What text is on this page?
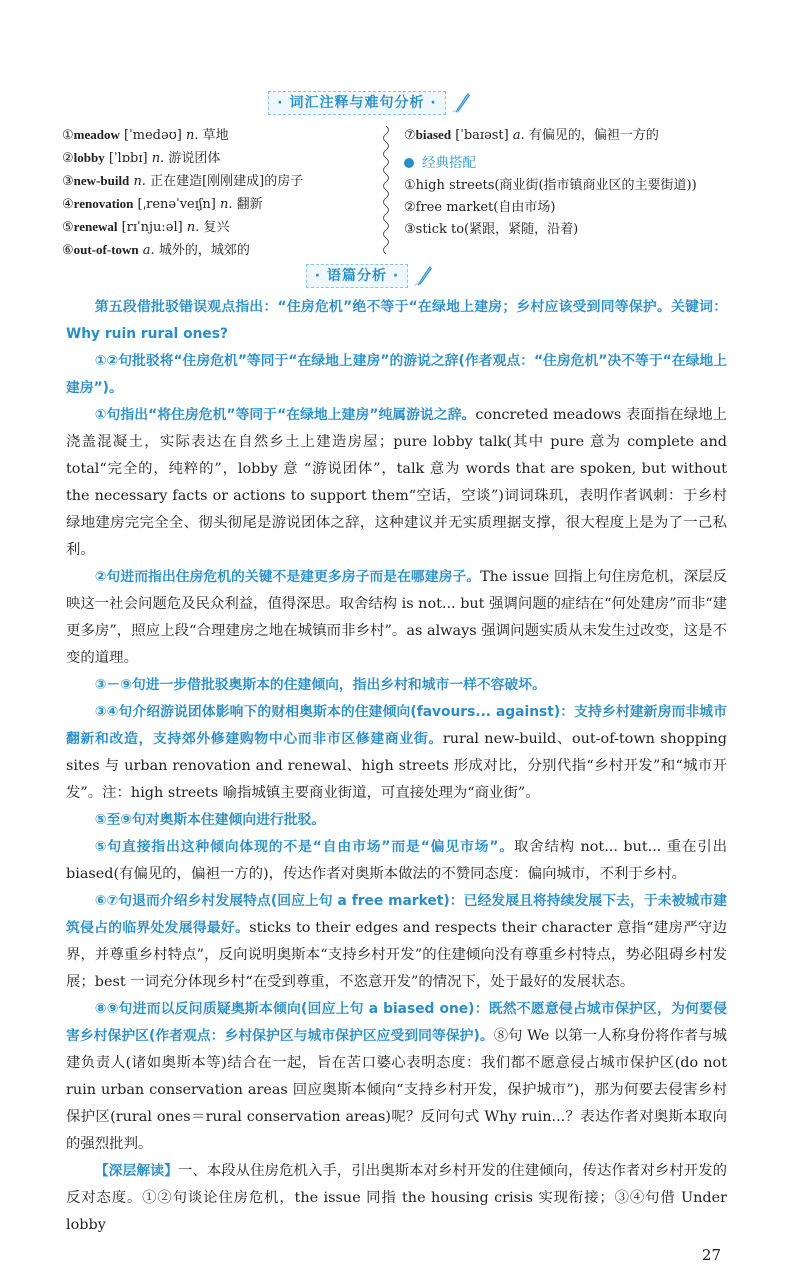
· 词汇注释与难句分析 ·
①meadow [ˈmedəʊ] n. 草地
②lobby [ˈlɒbɪ] n. 游说团体
③new-build n. 正在建造[刚刚建成]的房子
④renovation [ˌrenəˈveɪʃn] n. 翻新
⑤renewal [rɪˈnjuːəl] n. 复兴
⑥out-of-town a. 城外的，城郊的
⑦biased [ˈbaɪəst] a. 有偏见的，偏袒一方的
经典搭配
①high streets(商业街(指市镇商业区的主要街道))
②free market(自由市场)
③stick to(紧跟，紧随，沿着)
· 语篇分析 ·

第五段借批驳错误观点指出：“住房危机”绝不等于“在绿地上建房；乡村应该受到同等保护。关键词：Why ruin rural ones?

①②句批驳将“住房危机”等同于“在绿地上建房”的游说之辞(作者观点：“住房危机”决不等于“在绿地上建房”)。

①句指出“将住房危机”等同于“在绿地上建房”纯属游说之辞。concreted meadows 表面指在绿地上浇盖混凝土，实际表达在自然乡土上建造房屋；pure lobby talk(其中 pure 意为 complete and total“完全的，纯粹的”，lobby 意 “游说团体”，talk 意为 words that are spoken, but without the necessary facts or actions to support them“空话，空谈”)词词珠玑，表明作者讽刺：于乡村绿地建房完完全全、彻头彻尾是游说团体之辞，这种建议并无实质理据支撑，很大程度上是为了一己私利。

②句进而指出住房危机的关键不是建更多房子而是在哪建房子。The issue 回指上句住房危机，深层反映这一社会问题危及民众利益，值得深思。取舍结构 is not... but 强调问题的症结在“何处建房”而非“建更多房”，照应上段“合理建房之地在城镇而非乡村”。as always 强调问题实质从未发生过改变，这是不变的道理。

③－⑨句进一步借批驳奥斯本的住建倾向，指出乡村和城市一样不容破坏。

③④句介绍游说团体影响下的财相奥斯本的住建倾向(favours... against)：支持乡村建新房而非城市翻新和改造，支持郊外修建购物中心而非市区修建商业街。rural new-build、out-of-town shopping sites 与 urban renovation and renewal、high streets 形成对比，分别代指“乡村开发”和“城市开发”。注：high streets 喻指城镇主要商业街道，可直接处理为“商业街”。

⑤至⑨句对奥斯本住建倾向进行批驳。

⑤句直接指出这种倾向体现的不是“自由市场”而是“偏见市场”。取舍结构 not... but... 重在引出 biased(有偏见的，偏袒一方的)，传达作者对奥斯本做法的不赞同态度：偏向城市，不利于乡村。

⑥⑦句退而介绍乡村发展特点(回应上句 a free market)：已经发展且将持续发展下去，于未被城市建筑侵占的临界处发展得最好。sticks to their edges and respects their character 意指“建房严守边界，并尊重乡村特点”，反向说明奥斯本“支持乡村开发”的住建倾向没有尊重乡村特点，势必阻碍乡村发展；best 一词充分体现乡村“在受到尊重，不恣意开发”的情况下，处于最好的发展状态。

⑧⑨句进而以反问质疑奥斯本倾向(回应上句 a biased one)：既然不愿意侵占城市保护区，为何要侵害乡村保护区(作者观点：乡村保护区与城市保护区应受到同等保护)。⑧句 We 以第一人称身份将作者与城建负责人(诸如奥斯本等)结合在一起，旨在苦口婆心表明态度：我们都不愿意侵占城市保护区(do not ruin urban conservation areas 回应奥斯本倾向“支持乡村开发，保护城市”)，那为何要去侵害乡村保护区(rural ones＝rural conservation areas)呢？反问句式 Why ruin...？表达作者对奥斯本取向的强烈批判。

【深层解读】一、本段从住房危机入手，引出奥斯本对乡村开发的住建倾向，传达作者对乡村开发的反对态度。①②句谈论住房危机，the issue 同指 the housing crisis 实现衔接；③④句借 Under lobby

27
